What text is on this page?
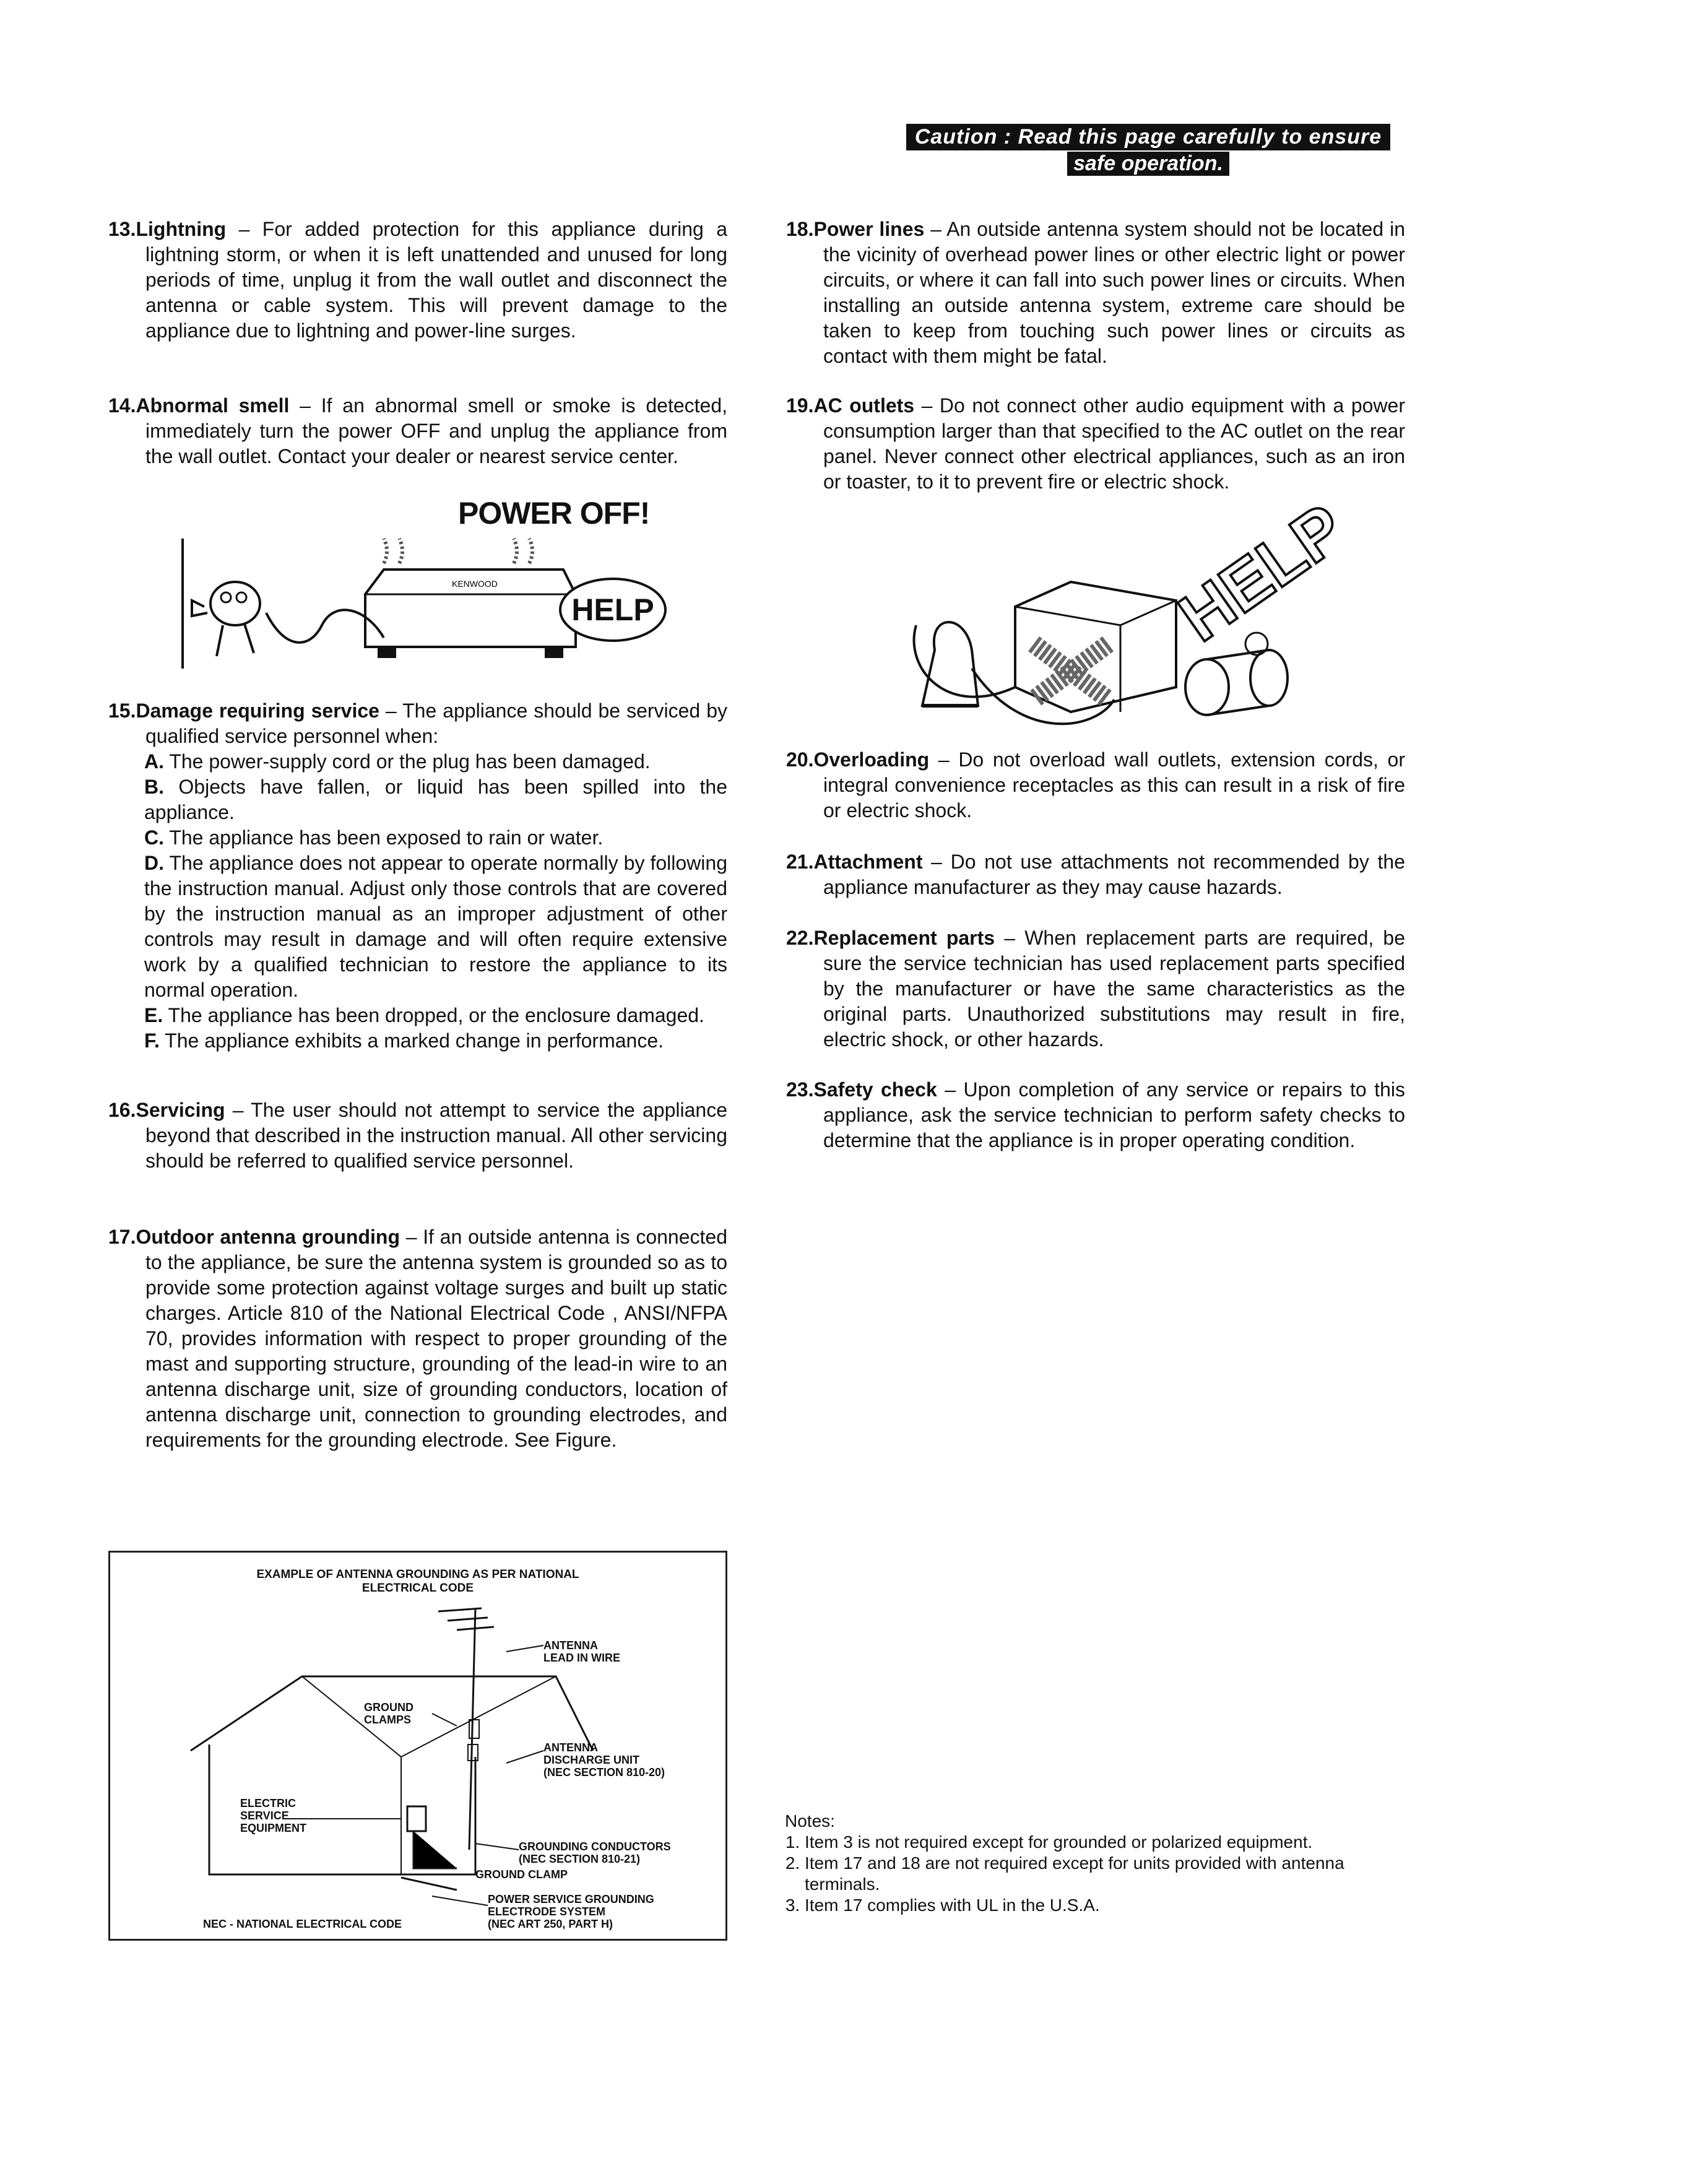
Caution : Read this page carefully to ensure
safe operation.

13.Lightning – For added protection for this appliance during a lightning storm, or when it is left unattended and unused for long periods of time, unplug it from the wall outlet and disconnect the antenna or cable system. This will prevent damage to the appliance due to lightning and power-line surges.

14.Abnormal smell – If an abnormal smell or smoke is detected, immediately turn the power OFF and unplug the appliance from the wall outlet. Contact your dealer or nearest service center.

15.Damage requiring service – The appliance should be serviced by qualified service personnel when:

A. The power-supply cord or the plug has been damaged.

B. Objects have fallen, or liquid has been spilled into the appliance.

C. The appliance has been exposed to rain or water.

D. The appliance does not appear to operate normally by following the instruction manual. Adjust only those controls that are covered by the instruction manual as an improper adjustment of other controls may result in damage and will often require extensive work by a qualified technician to restore the appliance to its normal operation.

E. The appliance has been dropped, or the enclosure damaged.

F. The appliance exhibits a marked change in performance.

16.Servicing – The user should not attempt to service the appliance beyond that described in the instruction manual. All other servicing should be referred to qualified service personnel.

17.Outdoor antenna grounding – If an outside antenna is connected to the appliance, be sure the antenna system is grounded so as to provide some protection against voltage surges and built up static charges. Article 810 of the National Electrical Code , ANSI/NFPA 70, provides information with respect to proper grounding of the mast and supporting structure, grounding of the lead-in wire to an antenna discharge unit, size of grounding conductors, location of antenna discharge unit, connection to grounding electrodes, and requirements for the grounding electrode. See Figure.

POWER OFF!
KENWOOD
HELP

18.Power lines – An outside antenna system should not be located in the vicinity of overhead power lines or other electric light or power circuits, or where it can fall into such power lines or circuits. When installing an outside antenna system, extreme care should be taken to keep from touching such power lines or circuits as contact with them might be fatal.

19.AC outlets – Do not connect other audio equipment with a power consumption larger than that specified to the AC outlet on the rear panel. Never connect other electrical appliances, such as an iron or toaster, to it to prevent fire or electric shock.

20.Overloading – Do not overload wall outlets, extension cords, or integral convenience receptacles as this can result in a risk of fire or electric shock.

21.Attachment – Do not use attachments not recommended by the appliance manufacturer as they may cause hazards.

22.Replacement parts – When replacement parts are required, be sure the service technician has used replacement parts specified by the manufacturer or have the same characteristics as the original parts. Unauthorized substitutions may result in fire, electric shock, or other hazards.

23.Safety check – Upon completion of any service or repairs to this appliance, ask the service technician to perform safety checks to determine that the appliance is in proper operating condition.

HELP
EXAMPLE OF ANTENNA GROUNDING AS PER NATIONAL
ELECTRICAL CODE
ANTENNA
LEAD IN WIRE
GROUND
CLAMPS
ANTENNA
DISCHARGE UNIT
(NEC SECTION 810-20)
ELECTRIC
SERVICE
EQUIPMENT
GROUNDING CONDUCTORS
(NEC SECTION 810-21)
GROUND CLAMP
POWER SERVICE GROUNDING
ELECTRODE SYSTEM
(NEC ART 250, PART H)
NEC - NATIONAL ELECTRICAL CODE
Notes:
1. Item 3 is not required except for grounded or polarized equipment.
2. Item 17 and 18 are not required except for units provided with antenna terminals.
3. Item 17 complies with UL in the U.S.A.
